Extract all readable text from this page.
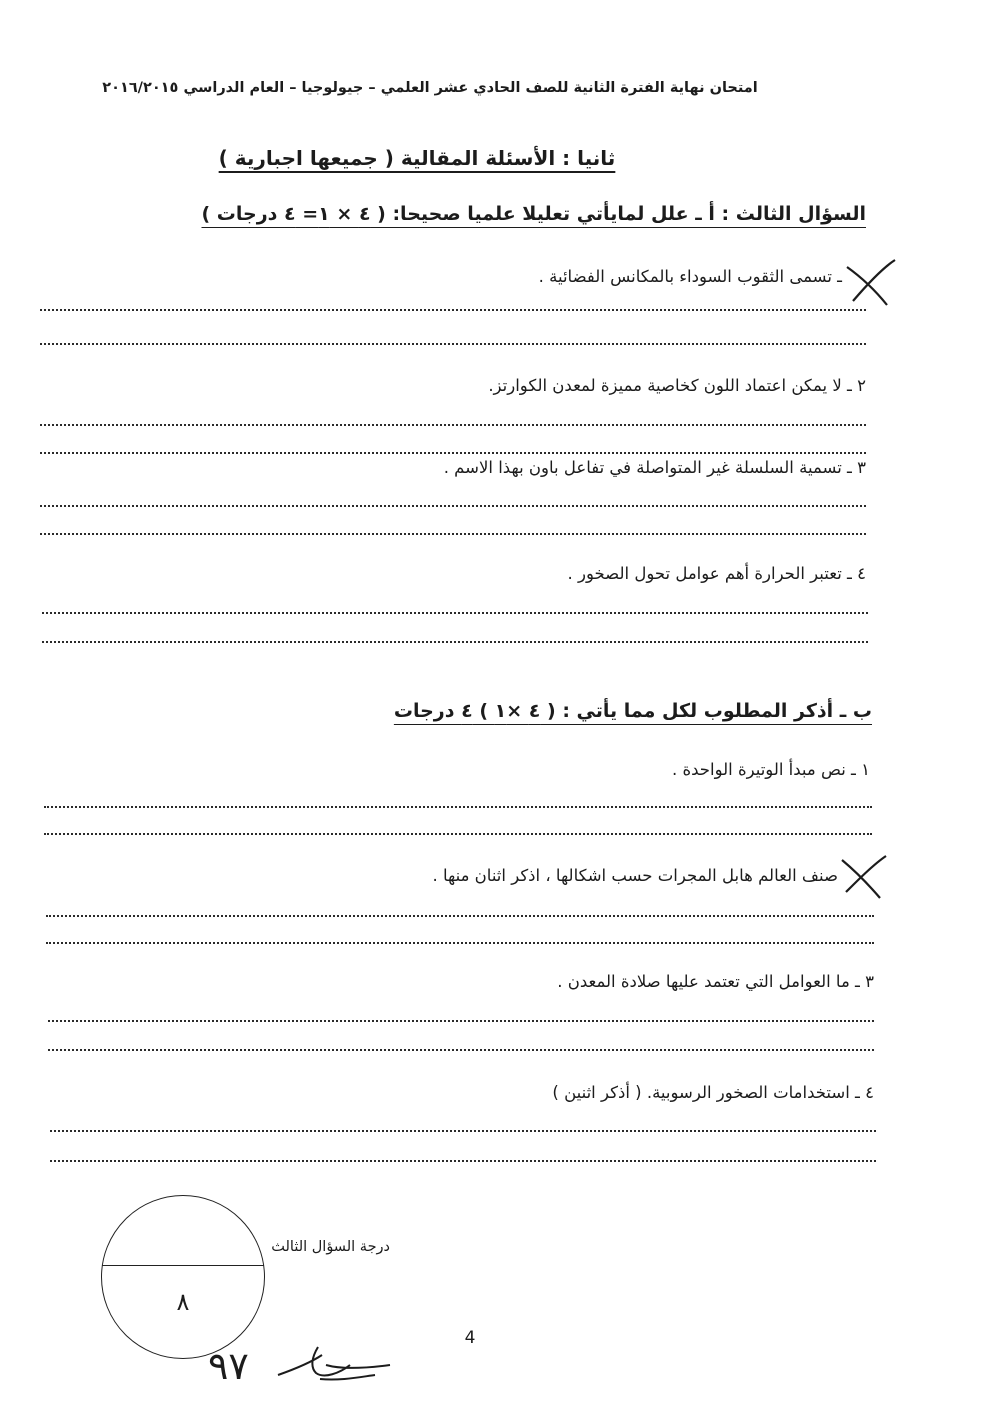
امتحان نهاية الفترة الثانية للصف الحادي عشر العلمي – جيولوجيا – العام الدراسي ٢٠١٦/٢٠١٥
ثانيا : الأسئلة المقالية ( جميعها اجبارية )
السؤال الثالث : أ ـ علل لمايأتي تعليلا علميا صحيحا: ( ٤ × ١= ٤ درجات )
ـ تسمى الثقوب السوداء بالمكانس الفضائية .
٢ ـ لا يمكن اعتماد اللون كخاصية مميزة لمعدن الكوارتز.
٣ ـ تسمية السلسلة غير المتواصلة في تفاعل باون بهذا الاسم .
٤ ـ تعتبر الحرارة أهم عوامل تحول الصخور .
ب ـ أذكر المطلوب لكل مما يأتي : ( ٤ ×١ ) ٤ درجات
١ ـ نص مبدأ الوتيرة الواحدة .
صنف العالم هابل المجرات حسب اشكالها ، اذكر اثنان منها .
٣ ـ ما العوامل التي تعتمد عليها صلادة المعدن .
٤ ـ استخدامات الصخور الرسوبية. ( أذكر اثنين )
٨
درجة السؤال الثالث
4
٩٧
